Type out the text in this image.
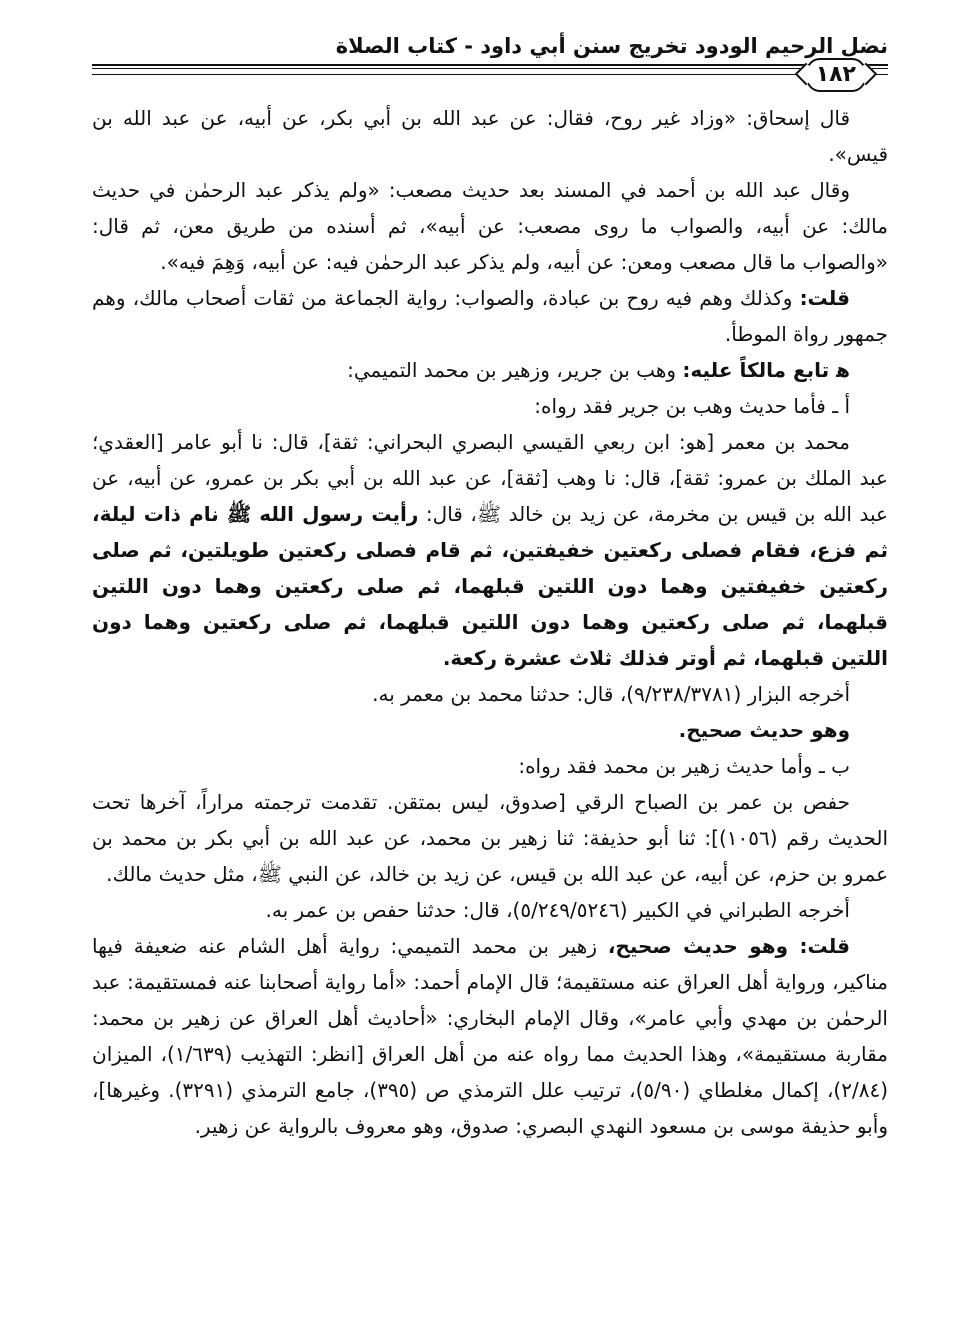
نضل الرحيم الودود تخريج سنن أبي داود - كتاب الصلاة
١٨٢

قال إسحاق: «وزاد غير روح، فقال: عن عبد الله بن أبي بكر، عن أبيه، عن عبد الله بن قيس».

وقال عبد الله بن أحمد في المسند بعد حديث مصعب: «ولم يذكر عبد الرحمٰن في حديث مالك: عن أبيه، والصواب ما روى مصعب: عن أبيه»، ثم أسنده من طريق معن، ثم قال: «والصواب ما قال مصعب ومعن: عن أبيه، ولم يذكر عبد الرحمٰن فيه: عن أبيه، وَهِمَ فيه».

قلت: وكذلك وهم فيه روح بن عبادة، والصواب: رواية الجماعة من ثقات أصحاب مالك، وهم جمهور رواة الموطأ.

ﻫ تابع مالكاً عليه: وهب بن جرير، وزهير بن محمد التميمي:

أ ـ فأما حديث وهب بن جرير فقد رواه:

محمد بن معمر [هو: ابن ربعي القيسي البصري البحراني: ثقة]، قال: نا أبو عامر [العقدي؛ عبد الملك بن عمرو: ثقة]، قال: نا وهب [ثقة]، عن عبد الله بن أبي بكر بن عمرو، عن أبيه، عن عبد الله بن قيس بن مخرمة، عن زيد بن خالد ﷺ، قال: رأيت رسول الله ﷺ نام ذات ليلة، ثم فزع، فقام فصلى ركعتين خفيفتين، ثم قام فصلى ركعتين طويلتين، ثم صلى ركعتين خفيفتين وهما دون اللتين قبلهما، ثم صلى ركعتين وهما دون اللتين قبلهما، ثم صلى ركعتين وهما دون اللتين قبلهما، ثم صلى ركعتين وهما دون اللتين قبلهما، ثم أوتر فذلك ثلاث عشرة ركعة.

أخرجه البزار (٩/٢٣٨/٣٧٨١)، قال: حدثنا محمد بن معمر به.

وهو حديث صحيح.

ب ـ وأما حديث زهير بن محمد فقد رواه:

حفص بن عمر بن الصباح الرقي [صدوق، ليس بمتقن. تقدمت ترجمته مراراً، آخرها تحت الحديث رقم (١٠٥٦)]: ثنا أبو حذيفة: ثنا زهير بن محمد، عن عبد الله بن أبي بكر بن محمد بن عمرو بن حزم، عن أبيه، عن عبد الله بن قيس، عن زيد بن خالد، عن النبي ﷺ، مثل حديث مالك.

أخرجه الطبراني في الكبير (٥/٢٤٩/٥٢٤٦)، قال: حدثنا حفص بن عمر به.

قلت: وهو حديث صحيح، زهير بن محمد التميمي: رواية أهل الشام عنه ضعيفة فيها مناكير، ورواية أهل العراق عنه مستقيمة؛ قال الإمام أحمد: «أما رواية أصحابنا عنه فمستقيمة: عبد الرحمٰن بن مهدي وأبي عامر»، وقال الإمام البخاري: «أحاديث أهل العراق عن زهير بن محمد: مقاربة مستقيمة»، وهذا الحديث مما رواه عنه من أهل العراق [انظر: التهذيب (١/٦٣٩)، الميزان (٢/٨٤)، إكمال مغلطاي (٥/٩٠)، ترتيب علل الترمذي ص (٣٩٥)، جامع الترمذي (٣٢٩١). وغيرها]، وأبو حذيفة موسى بن مسعود النهدي البصري: صدوق، وهو معروف بالرواية عن زهير.
